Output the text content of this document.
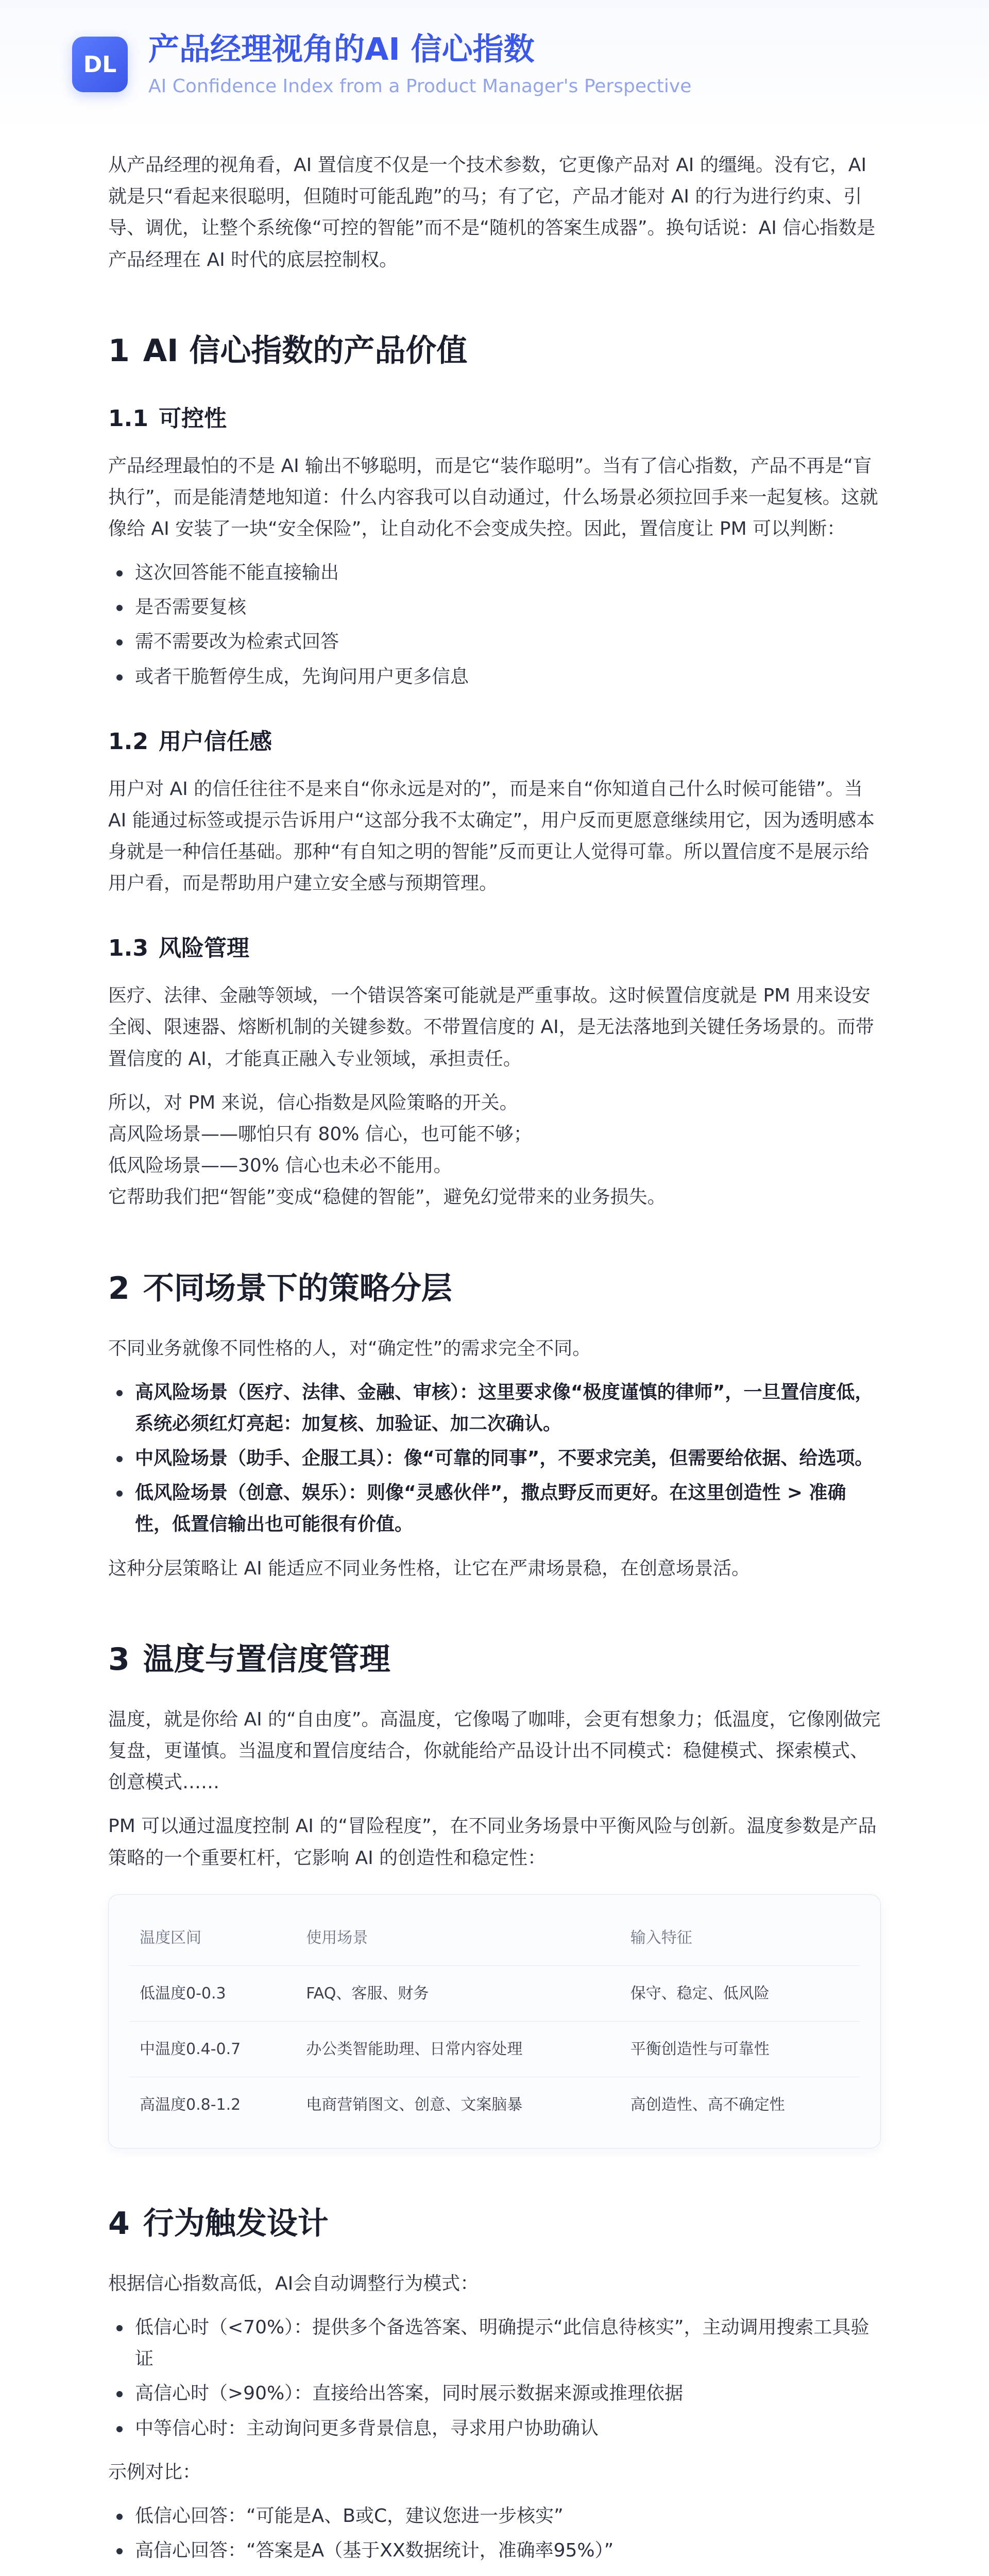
DL	产品经理视角的AI 信心指数
AI Confidence Index from a Product Manager's Perspective

从产品经理的视角看，AI 置信度不仅是一个技术参数，它更像产品对 AI 的缰绳。没有它，AI 就是只“看起来很聪明，但随时可能乱跑”的马；有了它，产品才能对 AI 的行为进行约束、引导、调优，让整个系统像“可控的智能”而不是“随机的答案生成器”。换句话说：AI 信心指数是产品经理在 AI 时代的底层控制权。

1 AI 信心指数的产品价值
1.1 可控性

产品经理最怕的不是 AI 输出不够聪明，而是它“装作聪明”。当有了信心指数，产品不再是“盲执行”，而是能清楚地知道：什么内容我可以自动通过，什么场景必须拉回手来一起复核。这就像给 AI 安装了一块“安全保险”，让自动化不会变成失控。因此，置信度让 PM 可以判断：

这次回答能不能直接输出
是否需要复核
需不需要改为检索式回答
或者干脆暂停生成，先询问用户更多信息
1.2 用户信任感

用户对 AI 的信任往往不是来自“你永远是对的”，而是来自“你知道自己什么时候可能错”。当 AI 能通过标签或提示告诉用户“这部分我不太确定”，用户反而更愿意继续用它，因为透明感本身就是一种信任基础。那种“有自知之明的智能”反而更让人觉得可靠。所以置信度不是展示给用户看，而是帮助用户建立安全感与预期管理。

1.3 风险管理

医疗、法律、金融等领域，一个错误答案可能就是严重事故。这时候置信度就是 PM 用来设安全阀、限速器、熔断机制的关键参数。不带置信度的 AI，是无法落地到关键任务场景的。而带置信度的 AI，才能真正融入专业领域，承担责任。

所以，对 PM 来说，信心指数是风险策略的开关。
高风险场景——哪怕只有 80% 信心，也可能不够；
低风险场景——30% 信心也未必不能用。
它帮助我们把“智能”变成“稳健的智能”，避免幻觉带来的业务损失。
2 不同场景下的策略分层

不同业务就像不同性格的人，对“确定性”的需求完全不同。

高风险场景（医疗、法律、金融、审核）：这里要求像“极度谨慎的律师”，一旦置信度低，系统必须红灯亮起：加复核、加验证、加二次确认。
中风险场景（助手、企服工具）：像“可靠的同事”，不要求完美，但需要给依据、给选项。
低风险场景（创意、娱乐）：则像“灵感伙伴”，撒点野反而更好。在这里创造性 > 准确性，低置信输出也可能很有价值。

这种分层策略让 AI 能适应不同业务性格，让它在严肃场景稳，在创意场景活。

3 温度与置信度管理

温度，就是你给 AI 的“自由度”。高温度，它像喝了咖啡，会更有想象力；低温度，它像刚做完复盘，更谨慎。当温度和置信度结合，你就能给产品设计出不同模式：稳健模式、探索模式、创意模式……

PM 可以通过温度控制 AI 的“冒险程度”，在不同业务场景中平衡风险与创新。温度参数是产品策略的一个重要杠杆，它影响 AI 的创造性和稳定性：

温度区间	使用场景	输入特征
低温度0-0.3	FAQ、客服、财务	保守、稳定、低风险
中温度0.4-0.7	办公类智能助理、日常内容处理	平衡创造性与可靠性
高温度0.8-1.2	电商营销图文、创意、文案脑暴	高创造性、高不确定性
4 行为触发设计

根据信心指数高低，AI会自动调整行为模式：

低信心时（<70%）：提供多个备选答案、明确提示“此信息待核实”，主动调用搜索工具验证
高信心时（>90%）：直接给出答案，同时展示数据来源或推理依据
中等信心时：主动询问更多背景信息，寻求用户协助确认

示例对比：

低信心回答：“可能是A、B或C，建议您进一步核实”
高信心回答：“答案是A（基于XX数据统计，准确率95%）”
